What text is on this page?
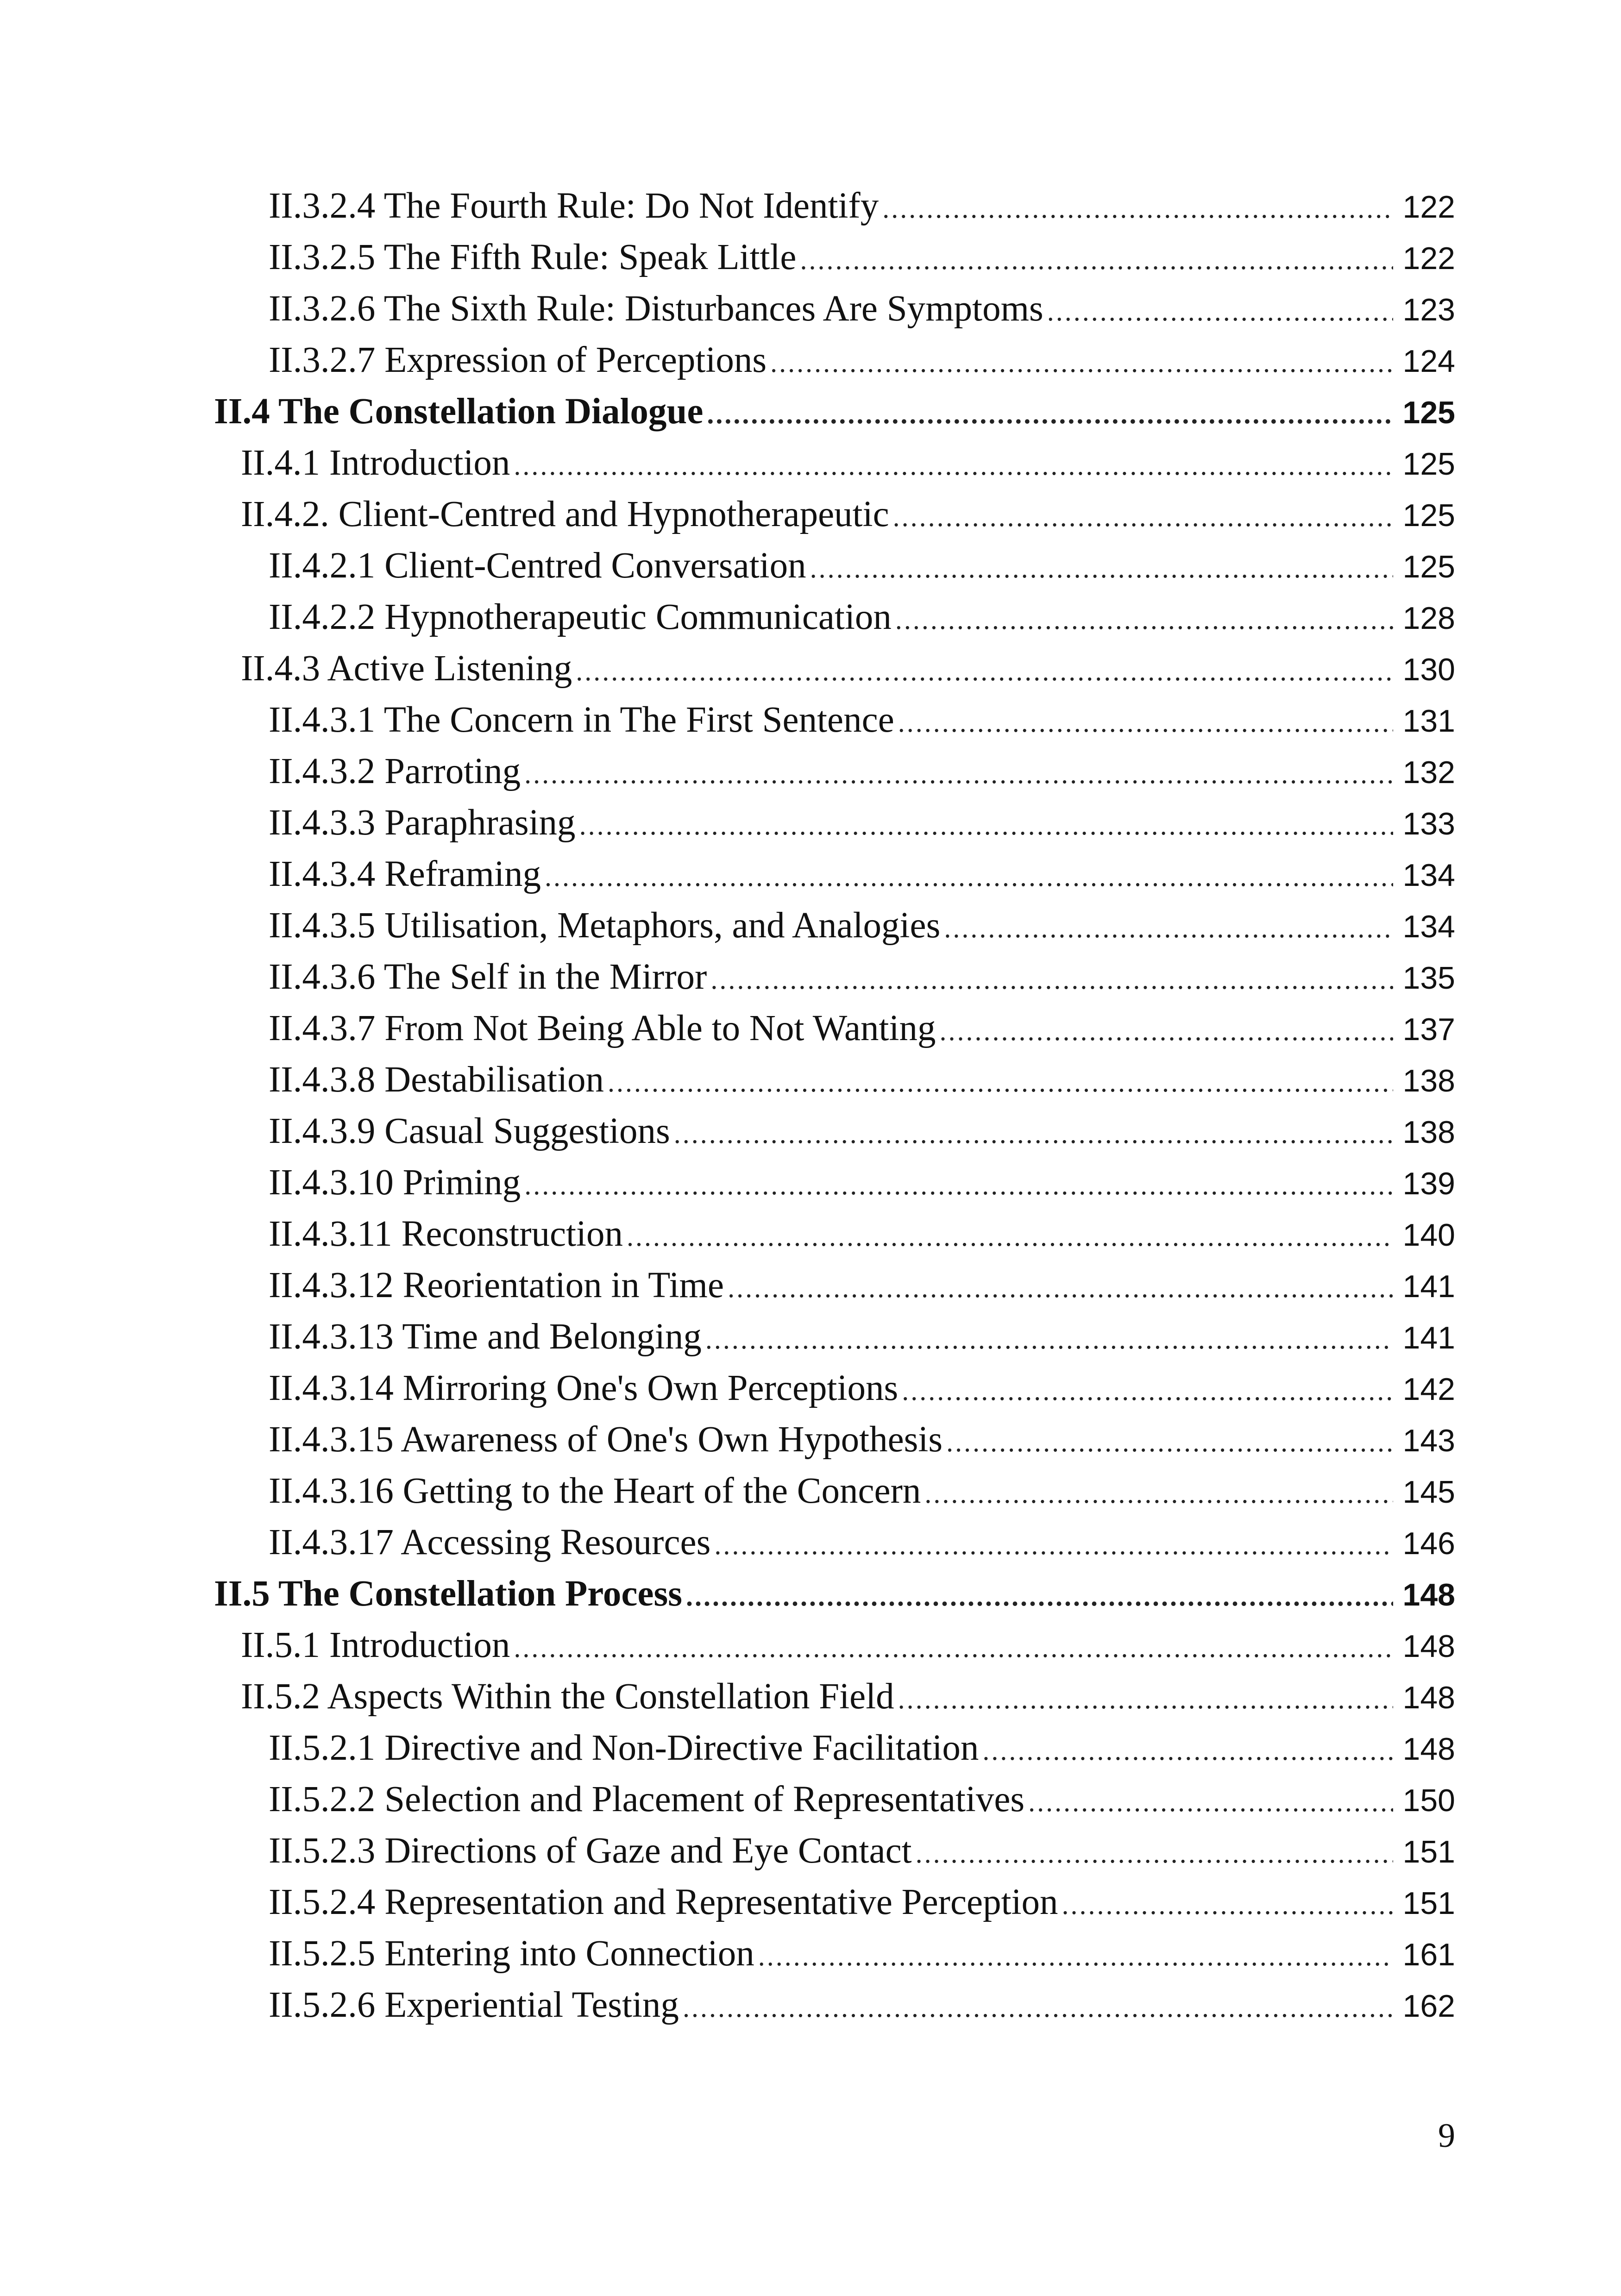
II.3.2.4 The Fourth Rule: Do Not Identify .....	122
II.3.2.5 The Fifth Rule: Speak Little .....	122
II.3.2.6 The Sixth Rule: Disturbances Are Symptoms .....	123
II.3.2.7 Expression of Perceptions .....	124
II.4 The Constellation Dialogue .....	125
II.4.1 Introduction .....	125
II.4.2. Client-Centred and Hypnotherapeutic .....	125
II.4.2.1 Client-Centred Conversation .....	125
II.4.2.2 Hypnotherapeutic Communication .....	128
II.4.3 Active Listening .....	130
II.4.3.1 The Concern in The First Sentence .....	131
II.4.3.2 Parroting .....	132
II.4.3.3 Paraphrasing .....	133
II.4.3.4 Reframing .....	134
II.4.3.5 Utilisation, Metaphors, and Analogies .....	134
II.4.3.6 The Self in the Mirror .....	135
II.4.3.7 From Not Being Able to Not Wanting .....	137
II.4.3.8 Destabilisation .....	138
II.4.3.9 Casual Suggestions .....	138
II.4.3.10 Priming .....	139
II.4.3.11 Reconstruction .....	140
II.4.3.12 Reorientation in Time .....	141
II.4.3.13 Time and Belonging .....	141
II.4.3.14 Mirroring One's Own Perceptions .....	142
II.4.3.15 Awareness of One's Own Hypothesis .....	143
II.4.3.16 Getting to the Heart of the Concern .....	145
II.4.3.17 Accessing Resources .....	146
II.5 The Constellation Process .....	148
II.5.1 Introduction .....	148
II.5.2 Aspects Within the Constellation Field .....	148
II.5.2.1 Directive and Non-Directive Facilitation .....	148
II.5.2.2 Selection and Placement of Representatives .....	150
II.5.2.3 Directions of Gaze and Eye Contact .....	151
II.5.2.4 Representation and Representative Perception .....	151
II.5.2.5 Entering into Connection .....	161
II.5.2.6 Experiential Testing .....	162
9
